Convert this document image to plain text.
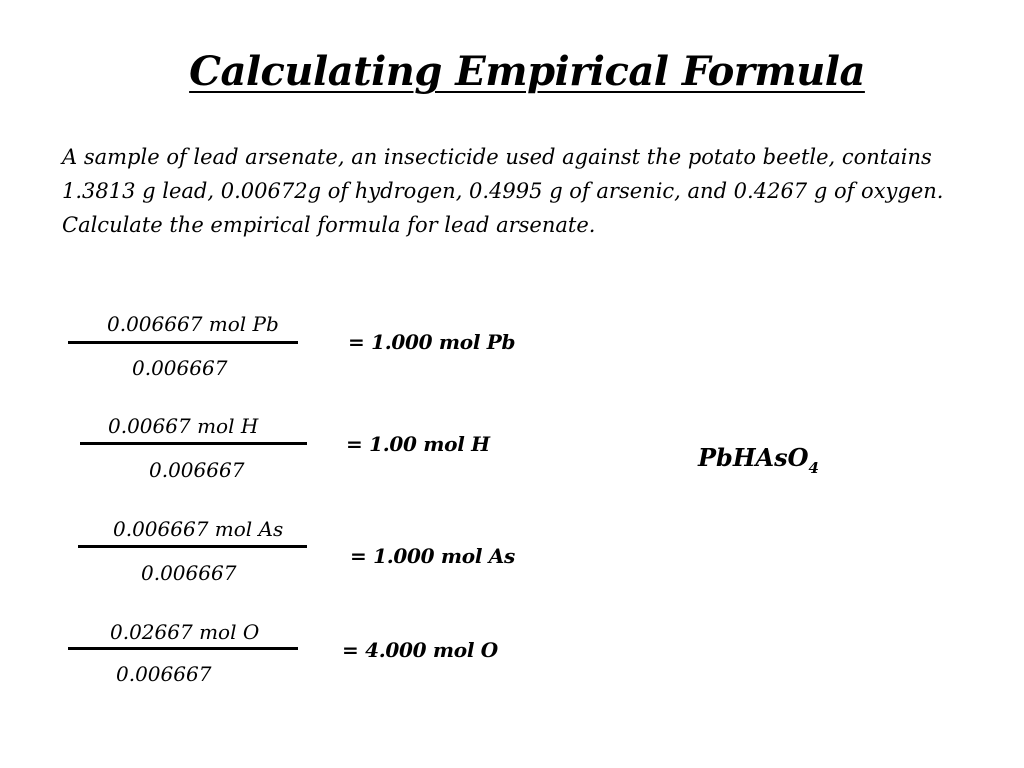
Calculating Empirical Formula
A sample of lead arsenate, an insecticide used against the potato beetle, contains 1.3813 g lead, 0.00672g of hydrogen, 0.4995 g of arsenic, and 0.4267 g of oxygen. Calculate the empirical formula for lead arsenate.
0.006667 mol Pb
0.006667
= 1.000 mol Pb
0.00667 mol H
0.006667
= 1.00 mol H
0.006667 mol As
0.006667
= 1.000 mol As
0.02667 mol O
0.006667
= 4.000 mol O
PbHAsO$_4$
